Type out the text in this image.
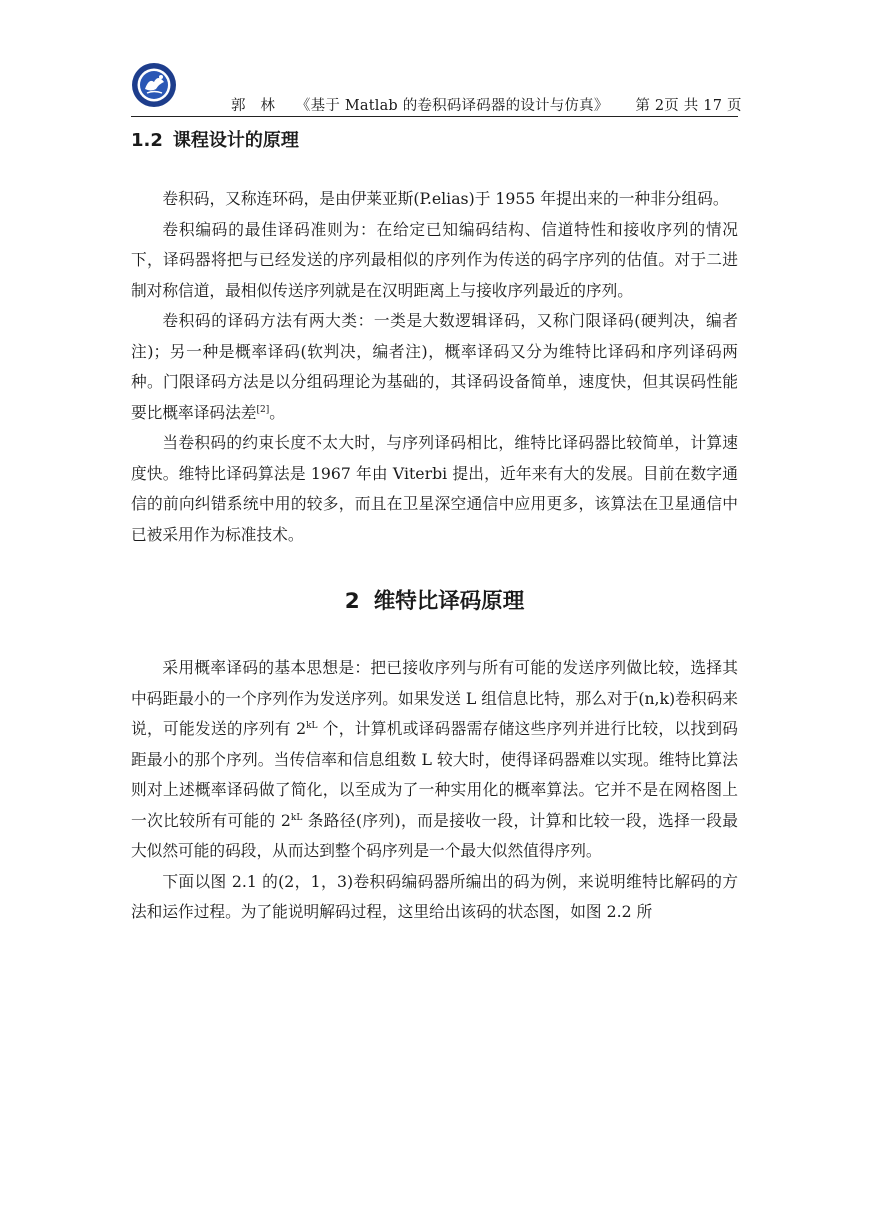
郭　林 《基于 Matlab 的卷积码译码器的设计与仿真》 第 2页 共 17 页
1.2 课程设计的原理

卷积码，又称连环码，是由伊莱亚斯(P.elias)于 1955 年提出来的一种非分组码。

卷积编码的最佳译码准则为：在给定已知编码结构、信道特性和接收序列的情况下，译码器将把与已经发送的序列最相似的序列作为传送的码字序列的估值。对于二进制对称信道，最相似传送序列就是在汉明距离上与接收序列最近的序列。

卷积码的译码方法有两大类：一类是大数逻辑译码，又称门限译码(硬判决，编者注)；另一种是概率译码(软判决，编者注)，概率译码又分为维特比译码和序列译码两种。门限译码方法是以分组码理论为基础的，其译码设备简单，速度快，但其误码性能要比概率译码法差[2]。

当卷积码的约束长度不太大时，与序列译码相比，维特比译码器比较简单，计算速度快。维特比译码算法是 1967 年由 Viterbi 提出，近年来有大的发展。目前在数字通信的前向纠错系统中用的较多，而且在卫星深空通信中应用更多，该算法在卫星通信中已被采用作为标准技术。

2 维特比译码原理

采用概率译码的基本思想是：把已接收序列与所有可能的发送序列做比较，选择其中码距最小的一个序列作为发送序列。如果发送 L 组信息比特，那么对于(n,k)卷积码来说，可能发送的序列有 $2^{kL}$ 个，计算机或译码器需存储这些序列并进行比较，以找到码距最小的那个序列。当传信率和信息组数 L 较大时，使得译码器难以实现。维特比算法则对上述概率译码做了简化，以至成为了一种实用化的概率算法。它并不是在网格图上一次比较所有可能的 $2^{kL}$ 条路径(序列)，而是接收一段，计算和比较一段，选择一段最大似然可能的码段，从而达到整个码序列是一个最大似然值得序列。

下面以图 2.1 的(2，1，3)卷积码编码器所编出的码为例，来说明维特比解码的方法和运作过程。为了能说明解码过程，这里给出该码的状态图，如图 2.2 所
